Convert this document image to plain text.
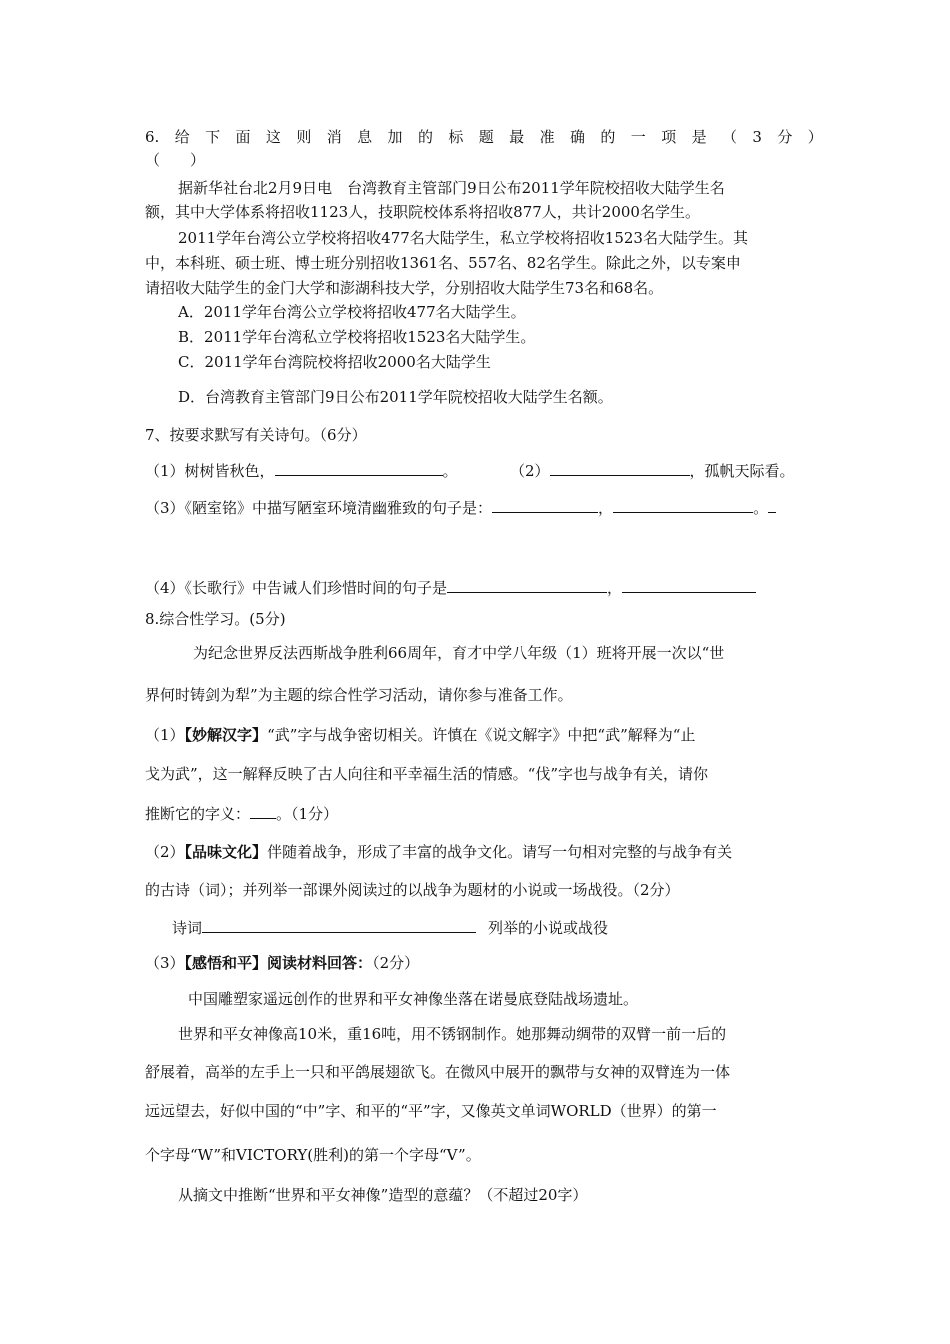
6. 给 下 面 这 则 消 息 加 的 标 题 最 准 确 的 一 项 是 （ 3 分 ）
（　　）
据新华社台北2月9日电　台湾教育主管部门9日公布2011学年院校招收大陆学生名
额，其中大学体系将招收1123人，技职院校体系将招收877人，共计2000名学生。
2011学年台湾公立学校将招收477名大陆学生，私立学校将招收1523名大陆学生。其
中，本科班、硕士班、博士班分别招收1361名、557名、82名学生。除此之外，以专案申
请招收大陆学生的金门大学和澎湖科技大学，分别招收大陆学生73名和68名。
A．2011学年台湾公立学校将招收477名大陆学生。
B．2011学年台湾私立学校将招收1523名大陆学生。
C．2011学年台湾院校将招收2000名大陆学生
D．台湾教育主管部门9日公布2011学年院校招收大陆学生名额。
7、按要求默写有关诗句。（6分）
（1）树树皆秋色，	。	（2）	，孤帆天际看。
（3）《陋室铭》中描写陋室环境清幽雅致的句子是：	，	。
（4）《长歌行》中告诫人们珍惜时间的句子是	，
8.综合性学习。(5分)
为纪念世界反法西斯战争胜利66周年，育才中学八年级（1）班将开展一次以“世
界何时铸剑为犁”为主题的综合性学习活动，请你参与准备工作。
（1）【妙解汉字】“武”字与战争密切相关。许慎在《说文解字》中把“武”解释为“止
戈为武”，这一解释反映了古人向往和平幸福生活的情感。“伐”字也与战争有关，请你
推断它的字义： 。（1分）
（2）【品味文化】伴随着战争，形成了丰富的战争文化。请写一句相对完整的与战争有关
的古诗（词）；并列举一部课外阅读过的以战争为题材的小说或一场战役。（2分）
诗词	列举的小说或战役
（3）【感悟和平】阅读材料回答：（2分）
中国雕塑家遥远创作的世界和平女神像坐落在诺曼底登陆战场遗址。
世界和平女神像高10米，重16吨，用不锈钢制作。她那舞动绸带的双臂一前一后的
舒展着，高举的左手上一只和平鸽展翅欲飞。在微风中展开的飘带与女神的双臂连为一体
远远望去，好似中国的“中”字、和平的“平”字，又像英文单词WORLD（世界）的第一
个字母“W”和VICTORY(胜利)的第一个字母“V”。
从摘文中推断“世界和平女神像”造型的意蕴？（不超过20字）
